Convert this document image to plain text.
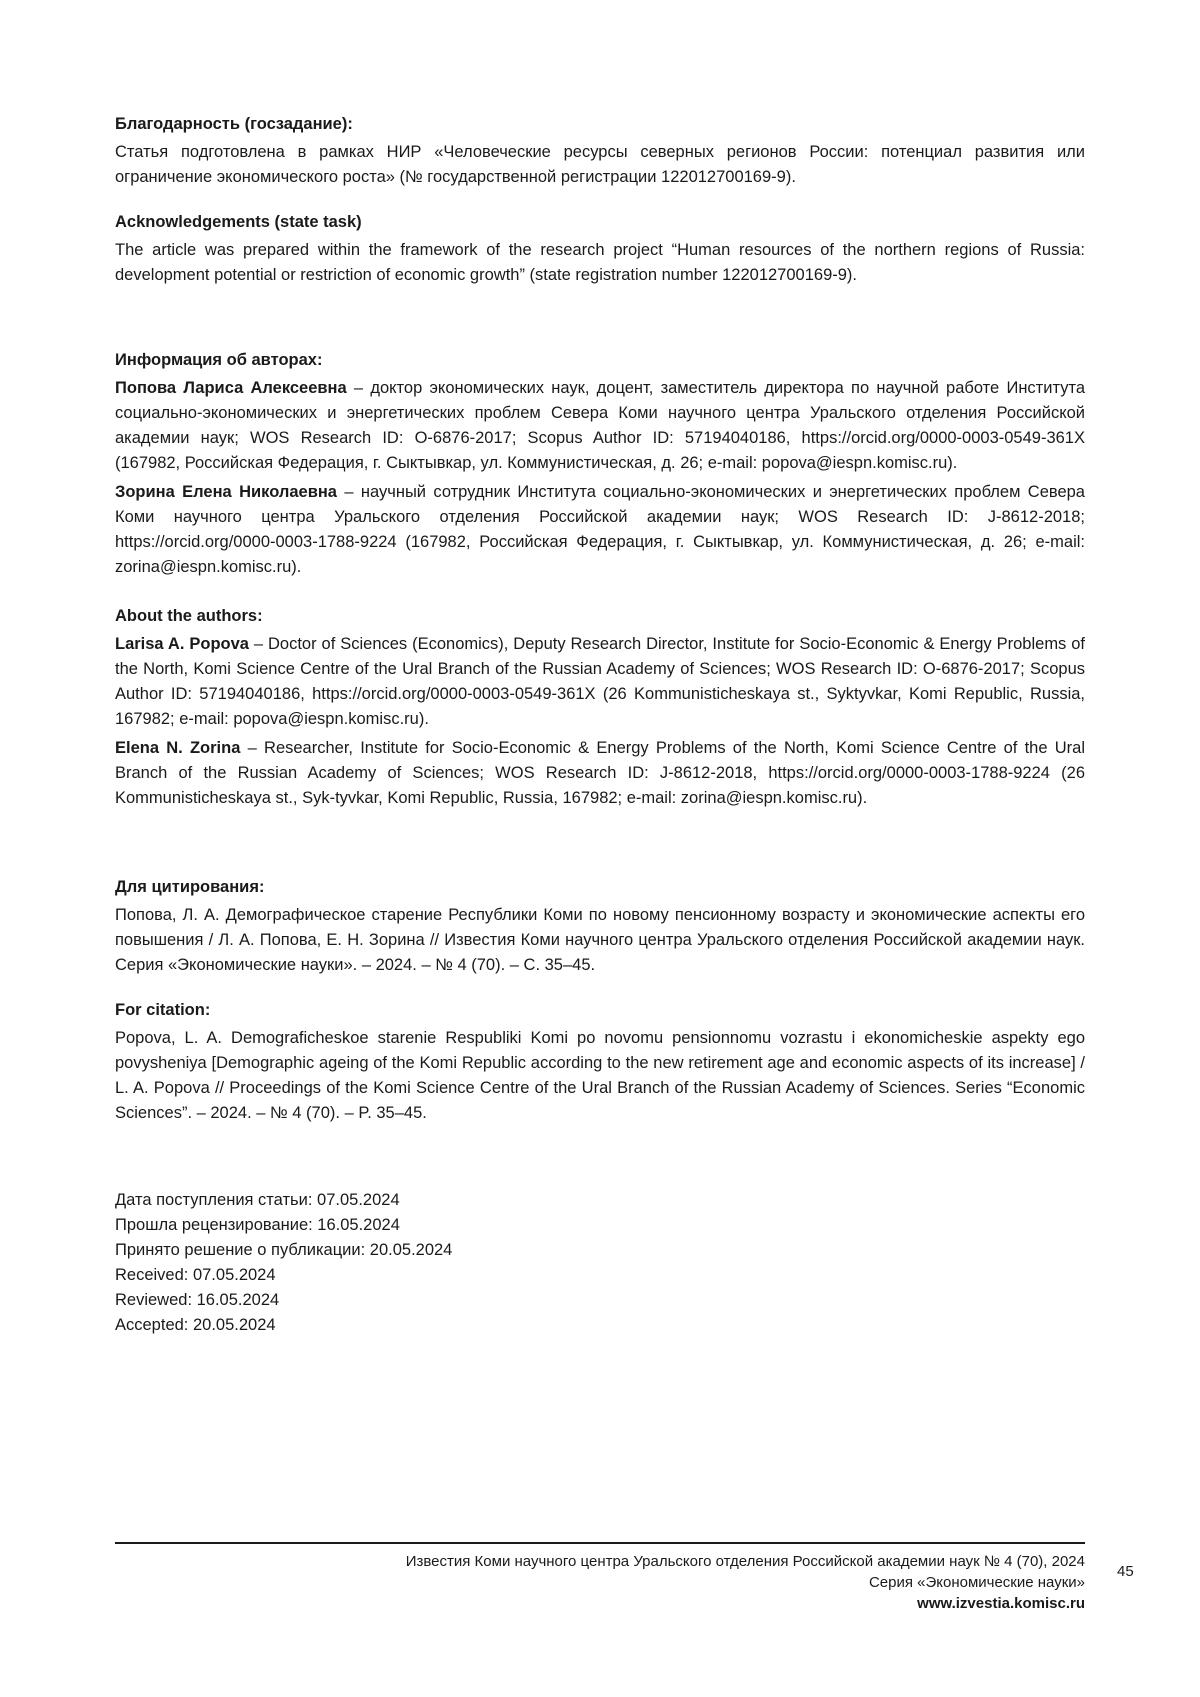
Благодарность (госзадание):

Статья подготовлена в рамках НИР «Человеческие ресурсы северных регионов России: потенциал развития или ограничение экономического роста» (№ государственной регистрации 122012700169-9).

Acknowledgements (state task)

The article was prepared within the framework of the research project “Human resources of the northern regions of Russia: development potential or restriction of economic growth” (state registration number 122012700169-9).

Информация об авторах:

Попова Лариса Алексеевна – доктор экономических наук, доцент, заместитель директора по научной работе Института социально-экономических и энергетических проблем Севера Коми научного центра Уральского отделения Российской академии наук; WOS Research ID: O-6876-2017; Scopus Author ID: 57194040186, https://orcid.org/0000-0003-0549-361X (167982, Российская Федерация, г. Сыктывкар, ул. Коммунистическая, д. 26; e-mail: popova@iespn.komisc.ru).

Зорина Елена Николаевна – научный сотрудник Института социально-экономических и энергетических проблем Севера Коми научного центра Уральского отделения Российской академии наук; WOS Research ID: J-8612-2018; https://orcid.org/0000-0003-1788-9224 (167982, Российская Федерация, г. Сыктывкар, ул. Коммунистическая, д. 26; e-mail: zorina@iespn.komisc.ru).

About the authors:

Larisa A. Popova – Doctor of Sciences (Economics), Deputy Research Director, Institute for Socio-Economic & Energy Problems of the North, Komi Science Centre of the Ural Branch of the Russian Academy of Sciences; WOS Research ID: O-6876-2017; Scopus Author ID: 57194040186, https://orcid.org/0000-0003-0549-361X (26 Kommunisticheskaya st., Syktyvkar, Komi Republic, Russia, 167982; e-mail: popova@iespn.komisc.ru).

Elena N. Zorina – Researcher, Institute for Socio-Economic & Energy Problems of the North, Komi Science Centre of the Ural Branch of the Russian Academy of Sciences; WOS Research ID: J-8612-2018, https://orcid.org/0000-0003-1788-9224 (26 Kommunisticheskaya st., Syk-tyvkar, Komi Republic, Russia, 167982; e-mail: zorina@iespn.komisc.ru).

Для цитирования:

Попова, Л. А. Демографическое старение Республики Коми по новому пенсионному возрасту и экономические аспекты его повышения / Л. А. Попова, Е. Н. Зорина // Известия Коми научного центра Уральского отделения Российской академии наук. Серия «Экономические науки». – 2024. – № 4 (70). – С. 35–45.

For citation:

Popova, L. A. Demograficheskoe starenie Respubliki Komi po novomu pensionnomu vozrastu i ekonomicheskie aspekty ego povysheniya [Demographic ageing of the Komi Republic according to the new retirement age and economic aspects of its increase] / L. A. Popova // Proceedings of the Komi Science Centre of the Ural Branch of the Russian Academy of Sciences. Series “Economic Sciences”. – 2024. – № 4 (70). – P. 35–45.

Дата поступления статьи: 07.05.2024

Прошла рецензирование: 16.05.2024

Принято решение о публикации: 20.05.2024

Received: 07.05.2024

Reviewed: 16.05.2024

Accepted: 20.05.2024

Известия Коми научного центра Уральского отделения Российской академии наук № 4 (70), 2024
Серия «Экономические науки»
www.izvestia.komisc.ru
45
